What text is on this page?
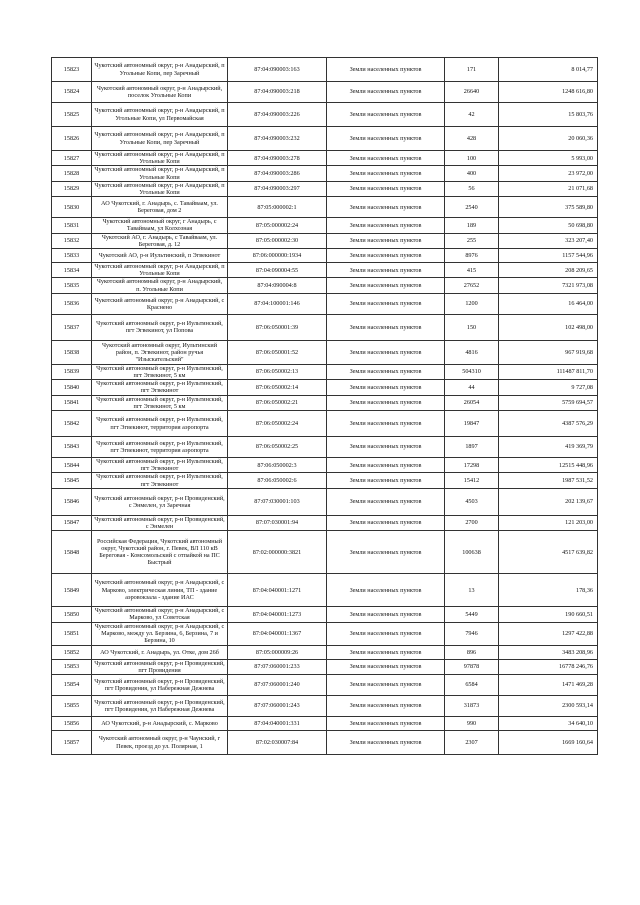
15823	Чукотский автономный округ, р-н Анадырский, п Угольные Копи, пер Заречный	87:04:090003:163	Земли населенных пунктов	171	8 014,77
15824	Чукотский автономный округ, р-н Анадырский, поселок Угольные Копи	87:04:090003:218	Земли населенных пунктов	26640	1248 616,80
15825	Чукотский автономный округ, р-н Анадырский, п Угольные Копи, ул Первомайская	87:04:090003:226	Земли населенных пунктов	42	15 803,76
15826	Чукотский автономный округ, р-н Анадырский, п Угольные Копи, пер Заречный	87:04:090003:232	Земли населенных пунктов	428	20 060,36
15827	Чукотский автономный округ, р-н Анадырский, п Угольные Копи	87:04:090003:278	Земли населенных пунктов	100	5 993,00
15828	Чукотский автономный округ, р-н Анадырский, п Угольные Копи	87:04:090003:286	Земли населенных пунктов	400	23 972,00
15829	Чукотский автономный округ, р-н Анадырский, п Угольные Копи	87:04:090003:297	Земли населенных пунктов	56	21 071,68
15830	АО Чукотский, г. Анадырь, с. Тавайваам, ул. Береговая, дом 2	87:05:000002:1	Земли населенных пунктов	2540	375 589,80
15831	Чукотский автономный округ, г Анадырь, с Тавайваам, ул Колхозная	87:05:000002:24	Земли населенных пунктов	189	50 698,80
15832	Чукотский АО, г. Анадырь, с Тавайваам, ул. Береговая, д. 12	87:05:000002:30	Земли населенных пунктов	255	323 207,40
15833	Чукотский АО, р-н Иультинский, п Эгвекинот	87:06:000000:1934	Земли населенных пунктов	8976	1157 544,96
15834	Чукотский автономный округ, р-н Анадырский, п Угольные Копи	87:04:090004:55	Земли населенных пунктов	415	208 209,65
15835	Чукотский автономный округ, р-н Анадырский, п. Угольные Копи	87:04:090004:8	Земли населенных пунктов	27652	7321 973,08
15836	Чукотский автономный округ, р-н Анадырский, с Краснено	87:04:100001:146	Земли населенных пунктов	1200	16 464,00
15837	Чукотский автономный округ, р-н Иультинский, пгт Эгвекинот, ул Попова	87:06:050001:39	Земли населенных пунктов	150	102 498,00
15838	Чукотский автономный округ, Иультинский район, п. Эгвекинот, район ручья "Изыскательский"	87:06:050001:52	Земли населенных пунктов	4816	967 919,68
15839	Чукотский автономный округ, р-н Иультинский, пгт Эгвекинот, 5 км	87:06:050002:13	Земли населенных пунктов	504310	111487 811,70
15840	Чукотский автономный округ, р-н Иультинский, пгт Эгвекинот	87:06:050002:14	Земли населенных пунктов	44	9 727,08
15841	Чукотский автономный округ, р-н Иультинский, пгт Эгвекинот, 5 км	87:06:050002:21	Земли населенных пунктов	26054	5759 694,57
15842	Чукотский автономный округ, р-н Иультинский, пгт Эгвекинот, территория аэропорта	87:06:050002:24	Земли населенных пунктов	19847	4387 576,29
15843	Чукотский автономный округ, р-н Иультинский, пгт Эгвекинот, территория аэропорта	87:06:050002:25	Земли населенных пунктов	1897	419 369,79
15844	Чукотский автономный округ, р-н Иультинский, пгт Эгвекинот	87:06:050002:3	Земли населенных пунктов	17298	12515 448,96
15845	Чукотский автономный округ, р-н Иультинский, пгт Эгвекинот	87:06:050002:6	Земли населенных пунктов	15412	1987 531,52
15846	Чукотский автономный округ, р-н Провиденский, с Энмелен, ул Заречная	87:07:030001:103	Земли населенных пунктов	4503	202 139,67
15847	Чукотский автономный округ, р-н Провиденский, с Энмелен	87:07:030001:94	Земли населенных пунктов	2700	121 203,00
15848	Российская Федерация, Чукотский автономный округ, Чукотский район, г. Певек, ВЛ 110 кВ Береговая - Комсомольский с отпайкой на ПС Быстрый	87:02:000000:3821	Земли населенных пунктов	100638	4517 639,82
15849	Чукотский автономный округ, р-н Анадырский, с Марково, электрическая линия, ТП - здание аэровокзала - здание ИАС	87:04:040001:1271	Земли населенных пунктов	13	178,36
15850	Чукотский автономный округ, р-н Анадырский, с Марково, ул Советская	87:04:040001:1273	Земли населенных пунктов	5449	190 660,51
15851	Чукотский автономный округ, р-н Анадырский, с Марково, между ул. Берзина, 6, Берзина, 7 и Берзина, 10	87:04:040001:1367	Земли населенных пунктов	7946	1297 422,88
15852	АО Чукотский, г. Анадырь, ул. Отке, дом 26б	87:05:000009:26	Земли населенных пунктов	896	3483 208,96
15853	Чукотский автономный округ, р-н Провиденский, пгт Провидения	87:07:060001:233	Земли населенных пунктов	97878	16778 246,76
15854	Чукотский автономный округ, р-н Провиденский, пгт Провидения, ул Набережная Дежнева	87:07:060001:240	Земли населенных пунктов	6584	1471 469,28
15855	Чукотский автономный округ, р-н Провиденский, пгт Провидения, ул Набережная Дежнева	87:07:060001:243	Земли населенных пунктов	31873	2300 593,14
15856	АО Чукотский, р-н Анадырский, с. Марково	87:04:040001:331	Земли населенных пунктов	990	34 640,10
15857	Чукотский автономный округ, р-н Чаунский, г Певек, проезд до ул. Полярная, 1	87:02:030007:84	Земли населенных пунктов	2307	1669 160,64
